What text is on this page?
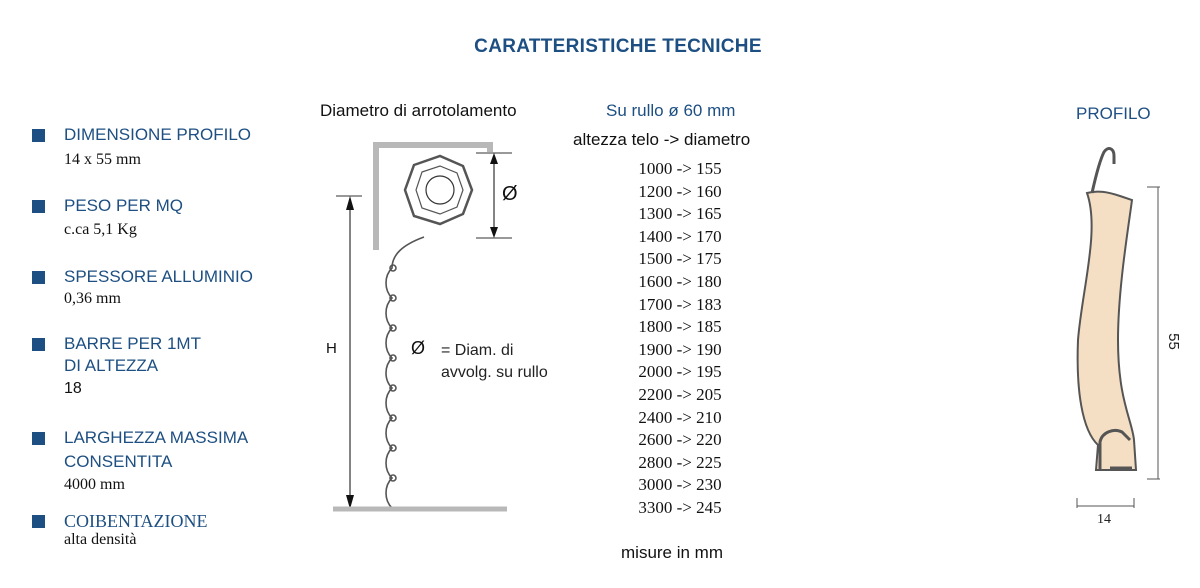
CARATTERISTICHE TECNICHE
DIMENSIONE PROFILO
14 x 55 mm
PESO PER MQ
c.ca 5,1 Kg
SPESSORE ALLUMINIO
0,36 mm
BARRE PER 1MT
DI ALTEZZA
18
LARGHEZZA MASSIMA
CONSENTITA
4000 mm
COIBENTAZIONE
alta densità
Diametro di arrotolamento
H	Ø = Diam. di
avvolg. su rullo
Ø
Su rullo ø 60 mm
altezza telo -> diametro
1000 -> 155
1200 -> 160
1300 -> 165
1400 -> 170
1500 -> 175
1600 -> 180
1700 -> 183
1800 -> 185
1900 -> 190
2000 -> 195
2200 -> 205
2400 -> 210
2600 -> 220
2800 -> 225
3000 -> 230
3300 -> 245
misure in mm
PROFILO
55
14
